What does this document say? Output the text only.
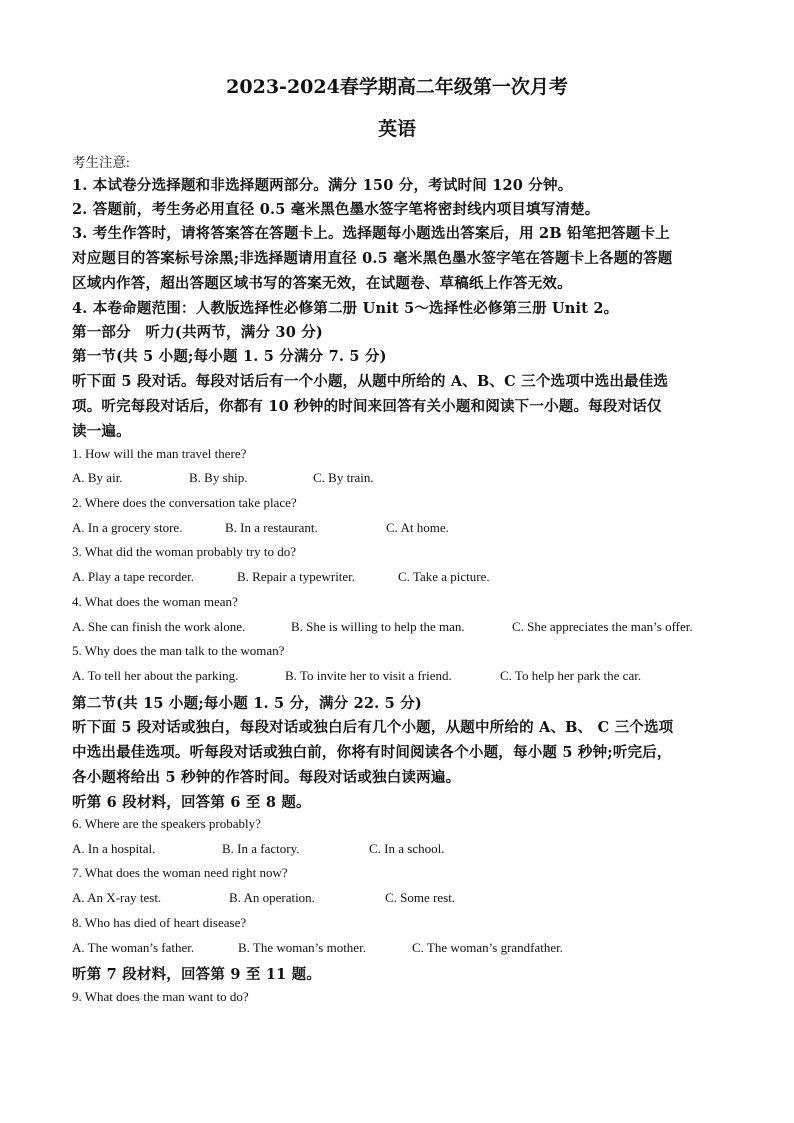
2023-2024春学期高二年级第一次月考
英语
考生注意:
1. 本试卷分选择题和非选择题两部分。满分 150 分，考试时间 120 分钟。
2. 答题前，考生务必用直径 0.5 毫米黑色墨水签字笔将密封线内项目填写清楚。
3. 考生作答时，请将答案答在答题卡上。选择题每小题选出答案后，用 2B 铅笔把答题卡上
对应题目的答案标号涂黑;非选择题请用直径 0.5 毫米黑色墨水签字笔在答题卡上各题的答题
区域内作答，超出答题区域书写的答案无效，在试题卷、草稿纸上作答无效。
4. 本卷命题范围：人教版选择性必修第二册 Unit 5～选择性必修第三册 Unit 2。
第一部分　听力(共两节，满分 30 分)
第一节(共 5 小题;每小题 1. 5 分满分 7. 5 分)
听下面 5 段对话。每段对话后有一个小题，从题中所给的 A、B、C 三个选项中选出最佳选
项。听完每段对话后，你都有 10 秒钟的时间来回答有关小题和阅读下一小题。每段对话仅
读一遍。
1. How will the man travel there?
A. By air.	B. By ship.	C. By train.
2. Where does the conversation take place?
A. In a grocery store.	B. In a restaurant.	C. At home.
3. What did the woman probably try to do?
A. Play a tape recorder.	B. Repair a typewriter.	C. Take a picture.
4. What does the woman mean?
A. She can finish the work alone.	B. She is willing to help the man.	C. She appreciates the man’s offer.
5. Why does the man talk to the woman?
A. To tell her about the parking.	B. To invite her to visit a friend.	C. To help her park the car.
第二节(共 15 小题;每小题 1. 5 分，满分 22. 5 分)
听下面 5 段对话或独白，每段对话或独白后有几个小题，从题中所给的 A、B、 C 三个选项
中选出最佳选项。听每段对话或独白前，你将有时间阅读各个小题，每小题 5 秒钟;听完后，
各小题将给出 5 秒钟的作答时间。每段对话或独白读两遍。
听第 6 段材料，回答第 6 至 8 题。
6. Where are the speakers probably?
A. In a hospital.	B. In a factory.	C. In a school.
7. What does the woman need right now?
A. An X-ray test.	B. An operation.	C. Some rest.
8. Who has died of heart disease?
A. The woman’s father.	B. The woman’s mother.	C. The woman’s grandfather.
听第 7 段材料，回答第 9 至 11 题。
9. What does the man want to do?
